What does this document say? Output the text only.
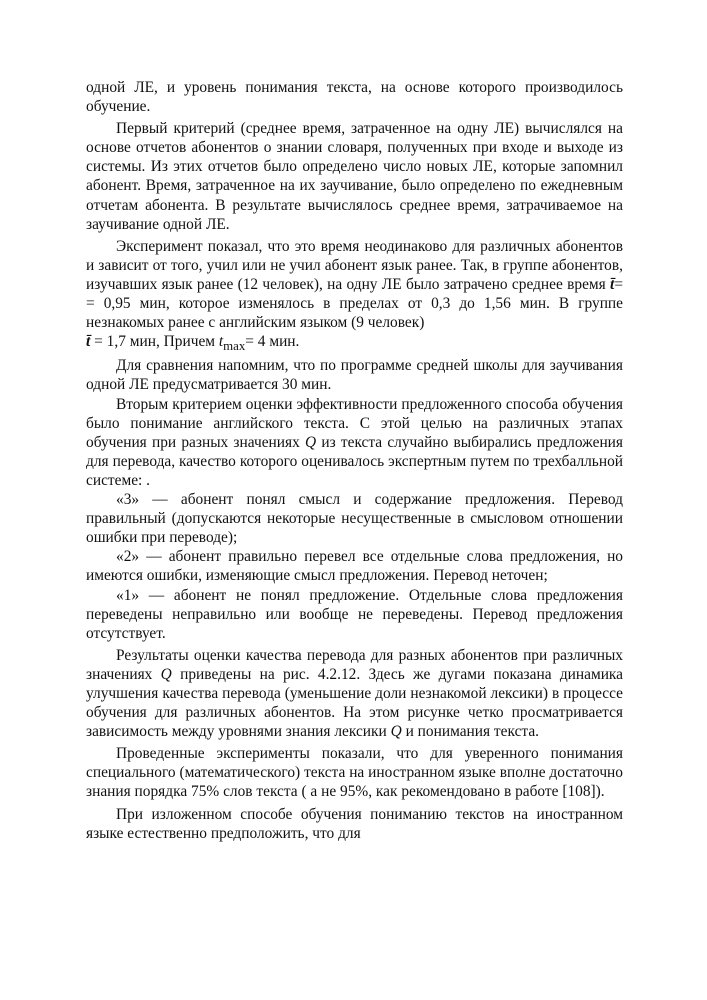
одной ЛЕ, и уровень понимания текста, на основе которого производилось обучение.

Первый критерий (среднее время, затраченное на одну ЛЕ) вычислялся на основе отчетов абонентов о знании словаря, полученных при входе и выходе из системы. Из этих отчетов было определено число новых ЛЕ, которые запомнил абонент. Время, затраченное на их заучивание, было определено по ежедневным отчетам абонента. В результате вычислялось среднее время, затрачиваемое на заучивание одной ЛЕ.

Эксперимент показал, что это время неодинаково для различных абонентов и зависит от того, учил или не учил абонент язык ранее. Так, в группе абонентов, изучавших язык ранее (12 человек), на одну ЛЕ было затрачено среднее время t̄= = 0,95 мин, которое изменялось в пределах от 0,3 до 1,56 мин. В группе незнакомых ранее с английским языком (9 человек)

t̄ = 1,7 мин, Причем $t_{max}= 4$ мин.

Для сравнения напомним, что по программе средней школы для заучивания одной ЛЕ предусматривается 30 мин.

Вторым критерием оценки эффективности предложенного способа обучения было понимание английского текста. С этой целью на различных этапах обучения при разных значениях Q из текста случайно выбирались предложения для перевода, качество которого оценивалось экспертным путем по трехбалльной системе: .

«3» — абонент понял смысл и содержание предложения. Перевод правильный (допускаются некоторые несущественные в смысловом отношении ошибки при переводе);

«2» — абонент правильно перевел все отдельные слова предложения, но имеются ошибки, изменяющие смысл предложения. Перевод неточен;

«1» — абонент не понял предложение. Отдельные слова предложения переведены неправильно или вообще не переведены. Перевод предложения отсутствует.

Результаты оценки качества перевода для разных абонентов при различных значениях Q приведены на рис. 4.2.12. Здесь же дугами показана динамика улучшения качества перевода (уменьшение доли незнакомой лексики) в процессе обучения для различных абонентов. На этом рисунке четко просматривается зависимость между уровнями знания лексики Q и понимания текста.

Проведенные эксперименты показали, что для уверенного понимания специального (математического) текста на иностранном языке вполне достаточно знания порядка 75% слов текста ( а не 95%, как рекомендовано в работе [108]).

При изложенном способе обучения пониманию текстов на иностранном языке естественно предположить, что для
